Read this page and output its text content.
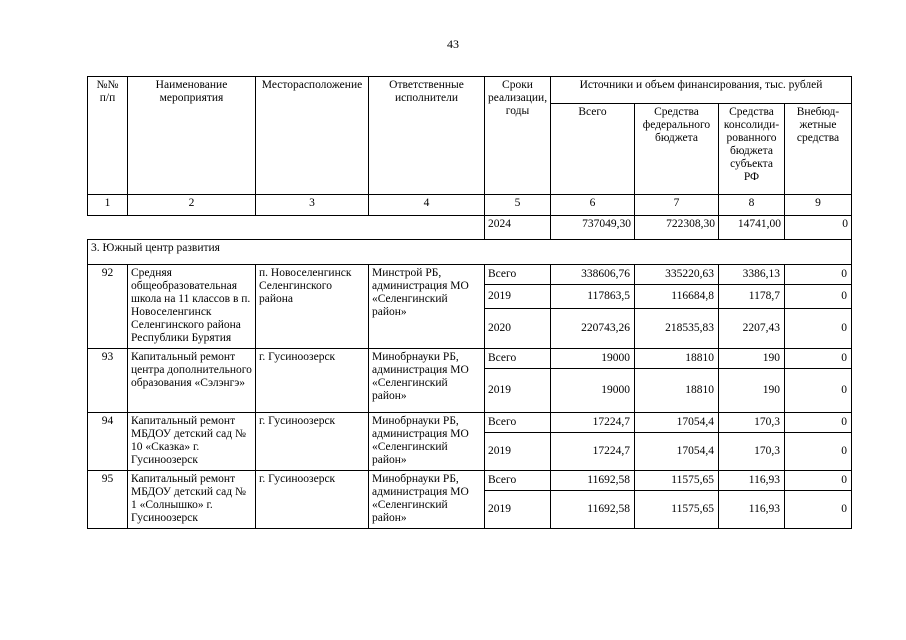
43
№№ п/п	Наименование мероприятия	Месторасположение	Ответственные исполнители	Сроки реализации, годы	Источники и объем финансирования, тыс. рублей			
					Всего	Средства федерального бюджета	Средства консолидированного бюджета субъекта РФ	Внебюджетные средства
1	2	3	4	5	6	7	8	9
				2024	737049,30	722308,30	14741,00	0
3. Южный центр развития								
92	Средняя общеобразовательная школа на 11 классов в п. Новоселенгинск Селенгинского района Республики Бурятия	п. Новоселенгинск Селенгинского района	Минстрой РБ, администрация МО «Селенгинский район»	Всего	338606,76	335220,63	3386,13	0
				2019	117863,5	116684,8	1178,7	0
				2020	220743,26	218535,83	2207,43	0
93	Капитальный ремонт центра дополнительного образования «Сэлэнгэ»	г. Гусиноозерск	Минобрнауки РБ, администрация МО «Селенгинский район»	Всего	19000	18810	190	0
				2019	19000	18810	190	0
94	Капитальный ремонт МБДОУ детский сад № 10 «Сказка» г. Гусиноозерск	г. Гусиноозерск	Минобрнауки РБ, администрация МО «Селенгинский район»	Всего	17224,7	17054,4	170,3	0
				2019	17224,7	17054,4	170,3	0
95	Капитальный ремонт МБДОУ детский сад № 1 «Солнышко» г. Гусиноозерск	г. Гусиноозерск	Минобрнауки РБ, администрация МО «Селенгинский район»	Всего	11692,58	11575,65	116,93	0
				2019	11692,58	11575,65	116,93	0
